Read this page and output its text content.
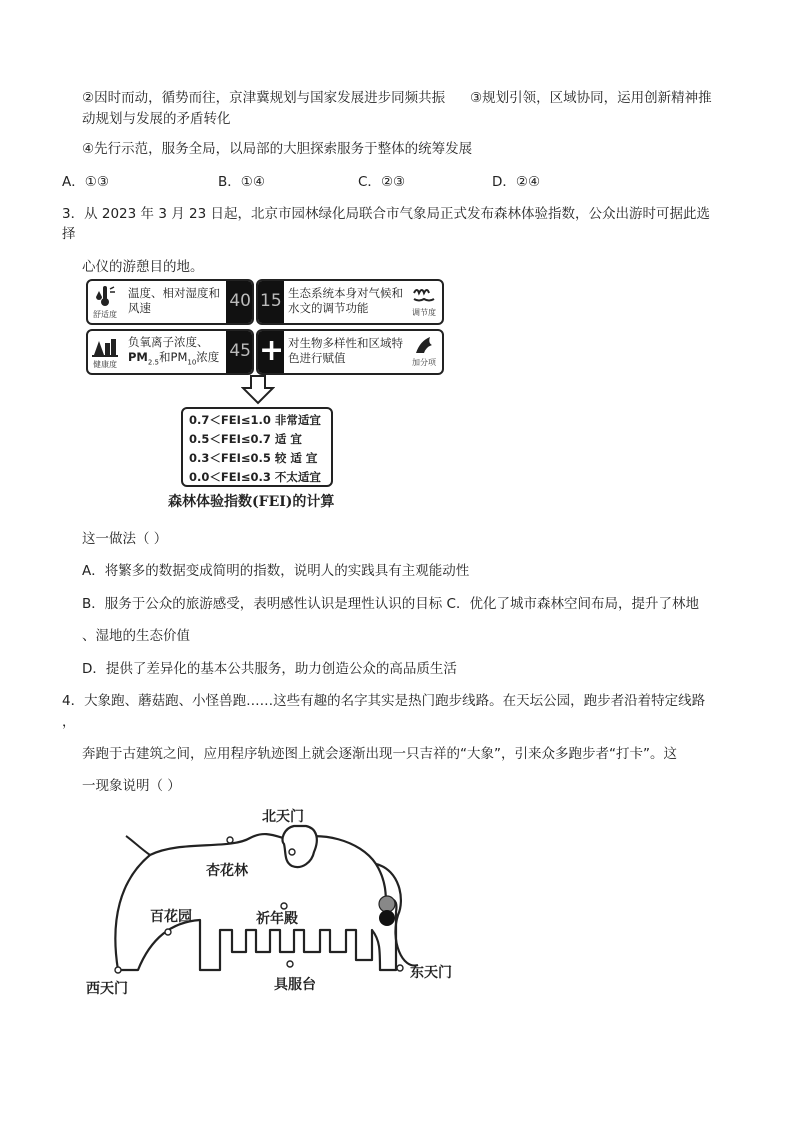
②因时而动，循势而往，京津冀规划与国家发展进步同频共振 ③规划引领，区域协同，运用创新精神推
动规划与发展的矛盾转化
④先行示范，服务全局，以局部的大胆探索服务于整体的统筹发展
A．①③	B．①④	C．②③	D．②④
3．从 2023 年 3 月 23 日起，北京市园林绿化局联合市气象局正式发布森林体验指数，公众出游时可据此选
择
心仪的游憩目的地。
舒适度
温度、相对湿度和风速	40 15 生态系统本身对气候和水文的调节功能	调节度
健康度
负氧离子浓度、
$PM_{2.5}$和$PM_{10}$浓度 45 + 对生物多样性和区域特色进行赋值	加分项
0.7＜FEI≤1.0 非常适宜
0.5＜FEI≤0.7 适 宜
0.3＜FEI≤0.5 较 适 宜
0.0＜FEI≤0.3 不太适宜
森林体验指数(FEI)的计算
这一做法（ ）
A．将繁多的数据变成简明的指数，说明人的实践具有主观能动性
B．服务于公众的旅游感受，表明感性认识是理性认识的目标 C．优化了城市森林空间布局，提升了林地
、湿地的生态价值
D．提供了差异化的基本公共服务，助力创造公众的高品质生活
4．大象跑、蘑菇跑、小怪兽跑……这些有趣的名字其实是热门跑步线路。在天坛公园，跑步者沿着特定线路
，
奔跑于古建筑之间，应用程序轨迹图上就会逐渐出现一只吉祥的“大象”，引来众多跑步者“打卡”。这
一现象说明（ ）
北天门
杏花林
百花园	祈年殿
西天门	具服台
东天门
